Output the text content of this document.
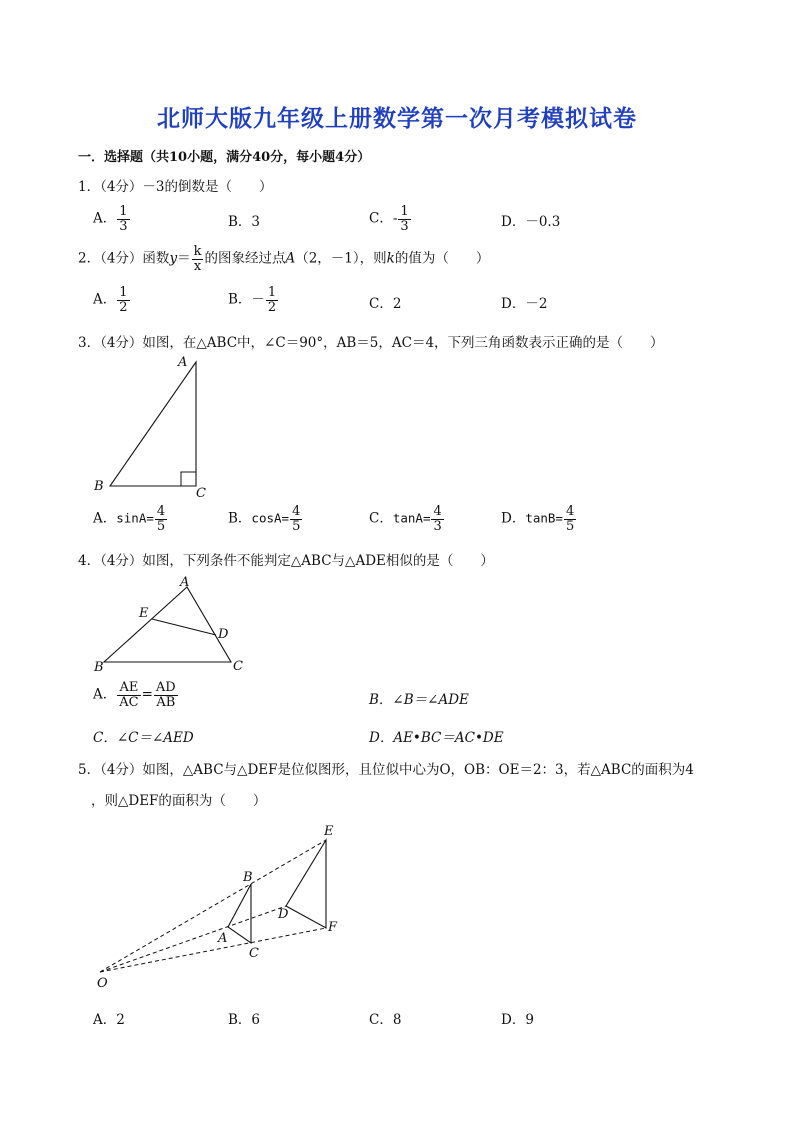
北师大版九年级上册数学第一次月考模拟试卷
一．选择题（共10小题，满分40分，每小题4分）
1．（4分）－3的倒数是（　　）
A． $\frac{1}{3}$	B．3	C．- $\frac{1}{3}$	D．－0.3
2．（4分）函数$y= \frac{k}{x}$ 的图象经过点A（2，－1），则k的值为（　　）
A． $\frac{1}{2}$	B．－ $\frac{1}{2}$	C．2	D．－2
3．（4分）如图，在△ABC中，∠C＝90°，AB＝5，AC＝4，下列三角函数表示正确的是（　　）
A
B	C
A．$\sin A= \frac{4}{5}$	B．$\cos A= \frac{4}{5}$	C．$\tan A= \frac{4}{3}$	D．$\tan B= \frac{4}{5}$
4．（4分）如图，下列条件不能判定△ABC与△ADE相似的是（　　）
A
E
D
B	C
A． $\frac{AE}{AC} = \frac{AD}{AB}$	B．∠B＝∠ADE
C．∠C＝∠AED	D．AE•BC＝AC•DE
5．（4分）如图，△ABC与△DEF是位似图形，且位似中心为O，OB：OE＝2：3，若△ABC的面积为4
，则△DEF的面积为（　　）
O
A
B
C
D
E
F
A．2	B．6	C．8	D．9
